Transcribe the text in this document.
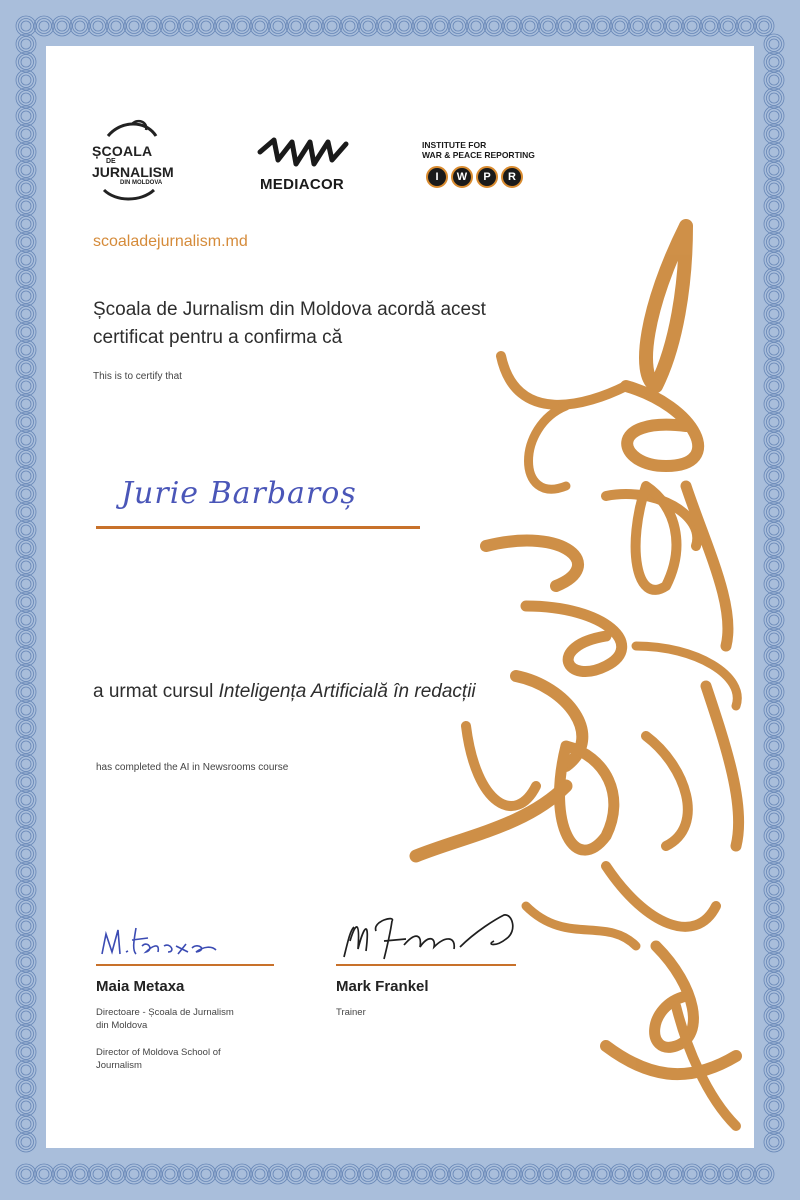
ȘCOALA
DE
JURNALISM
DIN MOLDOVA	MEDIACOR
INSTITUTE FOR
WAR & PEACE REPORTING
I	W	P	R
scoaladejurnalism.md
Școala de Jurnalism din Moldova acordă acest certificat pentru a confirma că
This is to certify that
Jurie Barbaroș
a urmat cursul Inteligența Artificială în redacții
has completed the AI in Newsrooms course
Maia Metaxa
Directoare - Școala de Jurnalism din Moldova
Director of Moldova School of Journalism
Mark Frankel
Trainer
